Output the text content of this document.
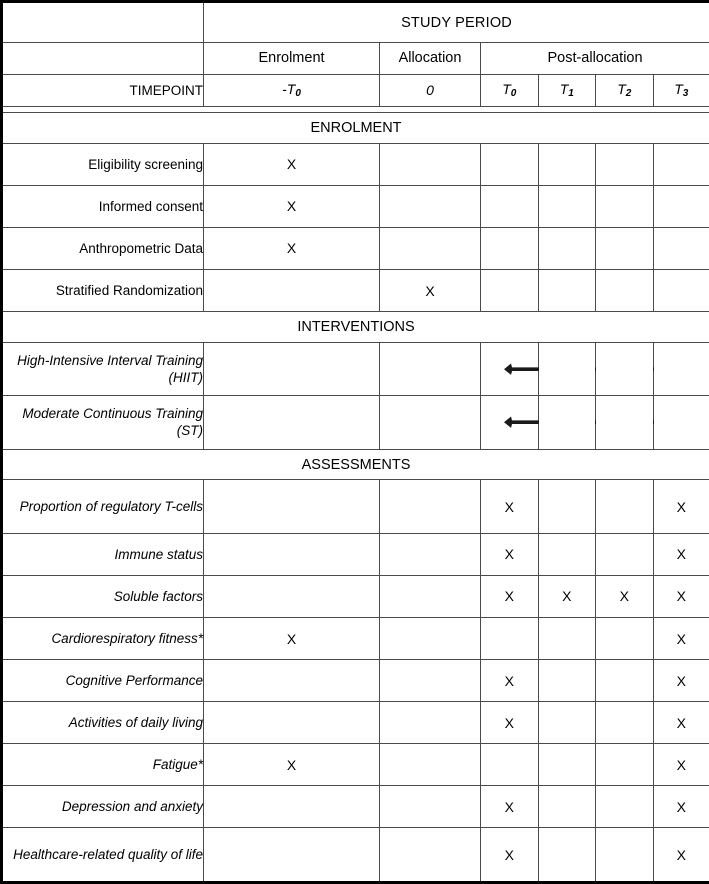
	STUDY PERIOD					
	Enrolment	Allocation	Post-allocation			
TIMEPOINT	$-T_0$	0	$T_0$	$T_1$	$T_2$	$T_3$

ENROLMENT						
Eligibility screening	X					
Informed consent	X					
Anthropometric Data	X					
Stratified Randomization		X				
INTERVENTIONS						
High-Intensive Interval Training (HIIT)			

Moderate Continuous Training (ST)			

ASSESSMENTS						
Proportion of regulatory T-cells			X			X
Immune status			X			X
Soluble factors			X	X	X	X
Cardiorespiratory fitness*	X					X
Cognitive Performance			X			X
Activities of daily living			X			X
Fatigue*	X					X
Depression and anxiety			X			X
Healthcare-related quality of life			X			X
